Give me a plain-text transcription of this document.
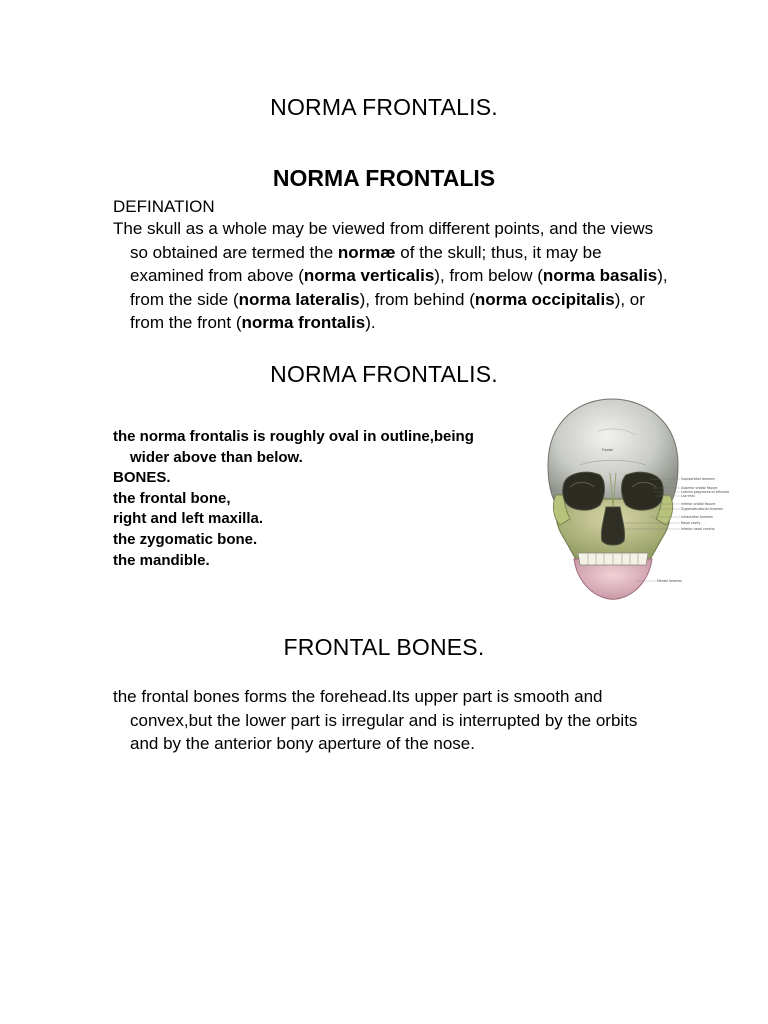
NORMA FRONTALIS.
NORMA FRONTALIS
DEFINATION

The skull as a whole may be viewed from different points, and the views so obtained are termed the normæ of the skull; thus, it may be examined from above (norma verticalis), from below (norma basalis), from the side (norma lateralis), from behind (norma occipitalis), or from the front (norma frontalis).

NORMA FRONTALIS.
the norma frontalis is roughly oval in outline,being
wider above than below.
BONES.
the frontal bone,
right and left maxilla.
the zygomatic bone.
the mandible.
Frontal
Supraorbital foramen
Superior orbital fissure
Lamina papyracea of ethmoid
Lacrimal
Inferior orbital fissure
Zygomaticofacial foramen
Infraorbital foramen
Nasal cavity
Inferior nasal concha
Mental foramen
FRONTAL BONES.

the frontal bones forms the forehead.Its upper part is smooth and convex,but the lower part is irregular and is interrupted by the orbits and by the anterior bony aperture of the nose.
